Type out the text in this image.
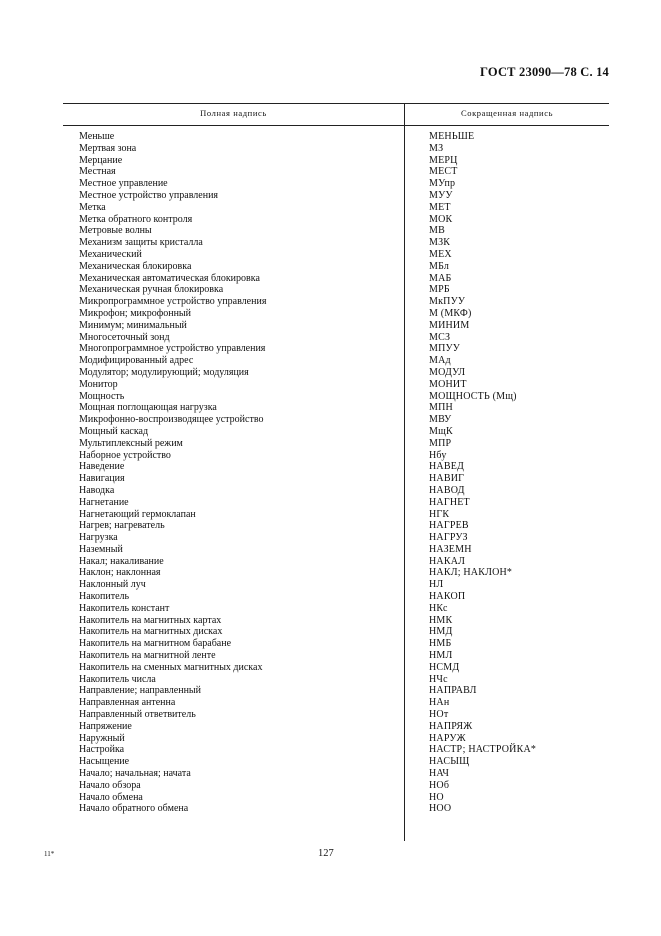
ГОСТ 23090—78 С. 14
Полная надпись	Сокращенная надпись
Меньше	МЕНЬШЕ
Мертвая зона	МЗ
Мерцание	МЕРЦ
Местная	МЕСТ
Местное управление	МУпр
Местное устройство управления	МУУ
Метка	МЕТ
Метка обратного контроля	МОК
Метровые волны	МВ
Механизм защиты кристалла	МЗК
Механический	МЕХ
Механическая блокировка	МБл
Механическая автоматическая блокировка	МАБ
Механическая ручная блокировка	МРБ
Микропрограммное устройство управления	МкПУУ
Микрофон; микрофонный	М (МКФ)
Минимум; минимальный	МИНИМ
Многосеточный зонд	МСЗ
Многопрограммное устройство управления	МПУУ
Модифицированный адрес	МАд
Модулятор; модулирующий; модуляция	МОДУЛ
Монитор	МОНИТ
Мощность	МОЩНОСТЬ (Мщ)
Мощная поглощающая нагрузка	МПН
Микрофонно-воспроизводящее устройство	МВУ
Мощный каскад	МщК
Мультиплексный режим	МПР
Наборное устройство	Нбу
Наведение	НАВЕД
Навигация	НАВИГ
Наводка	НАВОД
Нагнетание	НАГНЕТ
Нагнетающий гермоклапан	НГК
Нагрев; нагреватель	НАГРЕВ
Нагрузка	НАГРУЗ
Наземный	НАЗЕМН
Накал; накаливание	НАКАЛ
Наклон; наклонная	НАКЛ; НАКЛОН*
Наклонный луч	НЛ
Накопитель	НАКОП
Накопитель констант	НКс
Накопитель на магнитных картах	НМК
Накопитель на магнитных дисках	НМД
Накопитель на магнитном барабане	НМБ
Накопитель на магнитной ленте	НМЛ
Накопитель на сменных магнитных дисках	НСМД
Накопитель числа	НЧс
Направление; направленный	НАПРАВЛ
Направленная антенна	НАн
Направленный ответвитель	НОт
Напряжение	НАПРЯЖ
Наружный	НАРУЖ
Настройка	НАСТР; НАСТРОЙКА*
Насыщение	НАСЫЩ
Начало; начальная; начата	НАЧ
Начало обзора	НОб
Начало обмена	НО
Начало обратного обмена	НОО
11*	127
